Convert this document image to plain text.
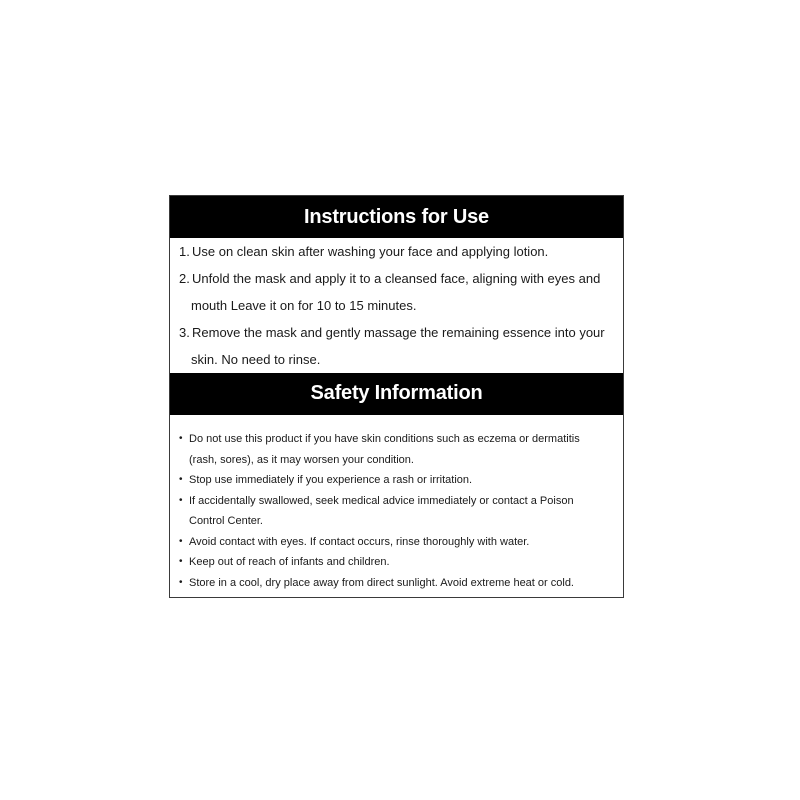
Instructions for Use
1. Use on clean skin after washing your face and applying lotion.
2. Unfold the mask and apply it to a cleansed face, aligning with eyes and
mouth Leave it on for 10 to 15 minutes.
3. Remove the mask and gently massage the remaining essence into your
skin. No need to rinse.
Safety Information
• Do not use this product if you have skin conditions such as eczema or dermatitis
(rash, sores), as it may worsen your condition.
• Stop use immediately if you experience a rash or irritation.
• If accidentally swallowed, seek medical advice immediately or contact a Poison
Control Center.
• Avoid contact with eyes. If contact occurs, rinse thoroughly with water.
• Keep out of reach of infants and children.
• Store in a cool, dry place away from direct sunlight. Avoid extreme heat or cold.
